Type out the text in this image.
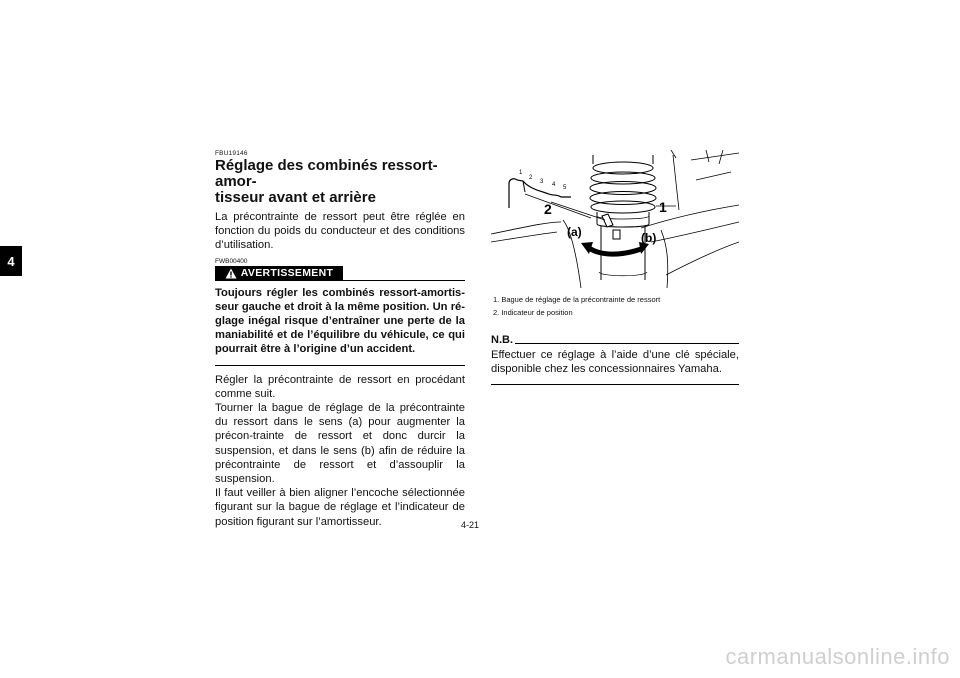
4
FBU19146
Réglage des combinés ressort-amor-
tisseur avant et arrière

La précontrainte de ressort peut être réglée en fonction du poids du conducteur et des conditions d’utilisation.

FWB00400
AVERTISSEMENT

Toujours régler les combinés ressort-amortis-seur gauche et droit à la même position. Un ré-glage inégal risque d’entraîner une perte de la maniabilité et de l’équilibre du véhicule, ce qui pourrait être à l’origine d’un accident.

Régler la précontrainte de ressort en procédant comme suit.

Tourner la bague de réglage de la précontrainte du ressort dans le sens (a) pour augmenter la précon-trainte de ressort et donc durcir la suspension, et dans le sens (b) afin de réduire la précontrainte de ressort et d’assouplir la suspension.

Il faut veiller à bien aligner l’encoche sélectionnée figurant sur la bague de réglage et l’indicateur de position figurant sur l’amortisseur.

1
2
3 4 5
2	1
(a)	(b)
1. Bague de réglage de la précontrainte de ressort
2. Indicateur de position
N.B.

Effectuer ce réglage à l’aide d’une clé spéciale, disponible chez les concessionnaires Yamaha.

4-21
carmanualsonline.info
